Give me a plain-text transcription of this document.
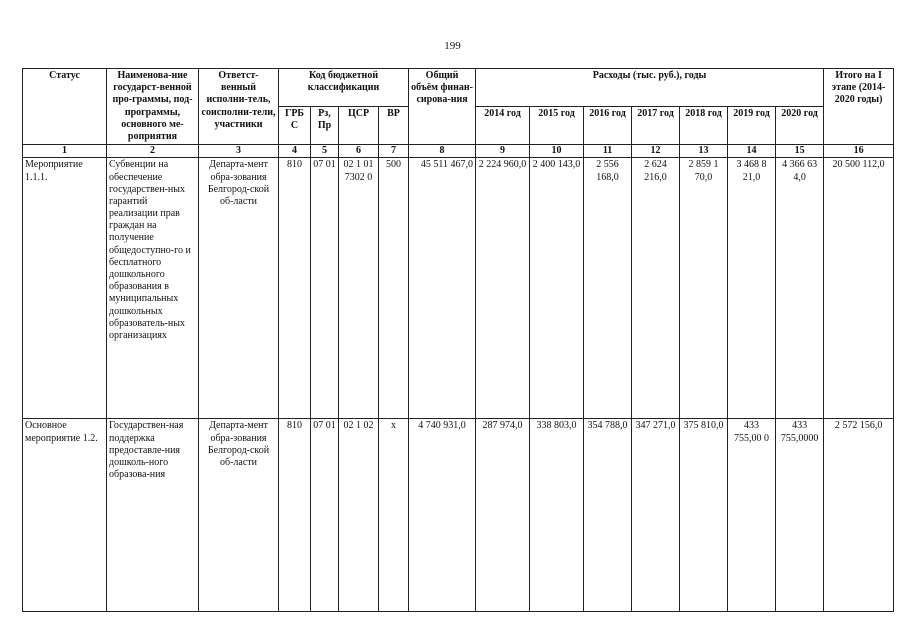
199
Статус	Наименова-ние государст-венной про-граммы, под-программы, основного ме-роприятия	Ответст-венный исполни-тель, соисполни-тели, участники	Код бюджетной классификации				Общий объём финан-сирова-ния	Расходы (тыс. руб.), годы							Итого на I этапе (2014-2020 годы)
			ГРБ С	Рз, Пр	ЦСР	ВР		2014 год	2015 год	2016 год	2017 год	2018 год	2019 год	2020 год	
1	2	3	4	5	6	7	8	9	10	11	12	13	14	15	16
Мероприятие 1.1.1.	Субвенции на обеспечение государствен-ных гарантий реализации прав граждан на получение общедоступно-го и бесплатного дошкольного образования в муниципальных дошкольных образователь-ных организациях	Департа-мент обра-зования Белгород-ской об-ласти	810	07 01	02 1 01 7302 0	500	45 511 467,0	2 224 960,0	2 400 143,0	2 556 168,0	2 624 216,0	2 859 1 70,0	3 468 8 21,0	4 366 63 4,0	20 500 112,0
Основное мероприятие 1.2.	Государствен-ная поддержка предоставле-ния дошколь-ного образова-ния	Департа-мент обра-зования Белгород-ской об-ласти	810	07 01	02 1 02	х	4 740 931,0	287 974,0	338 803,0	354 788,0	347 271,0	375 810,0	433 755,00 0	433 755,0000	2 572 156,0
